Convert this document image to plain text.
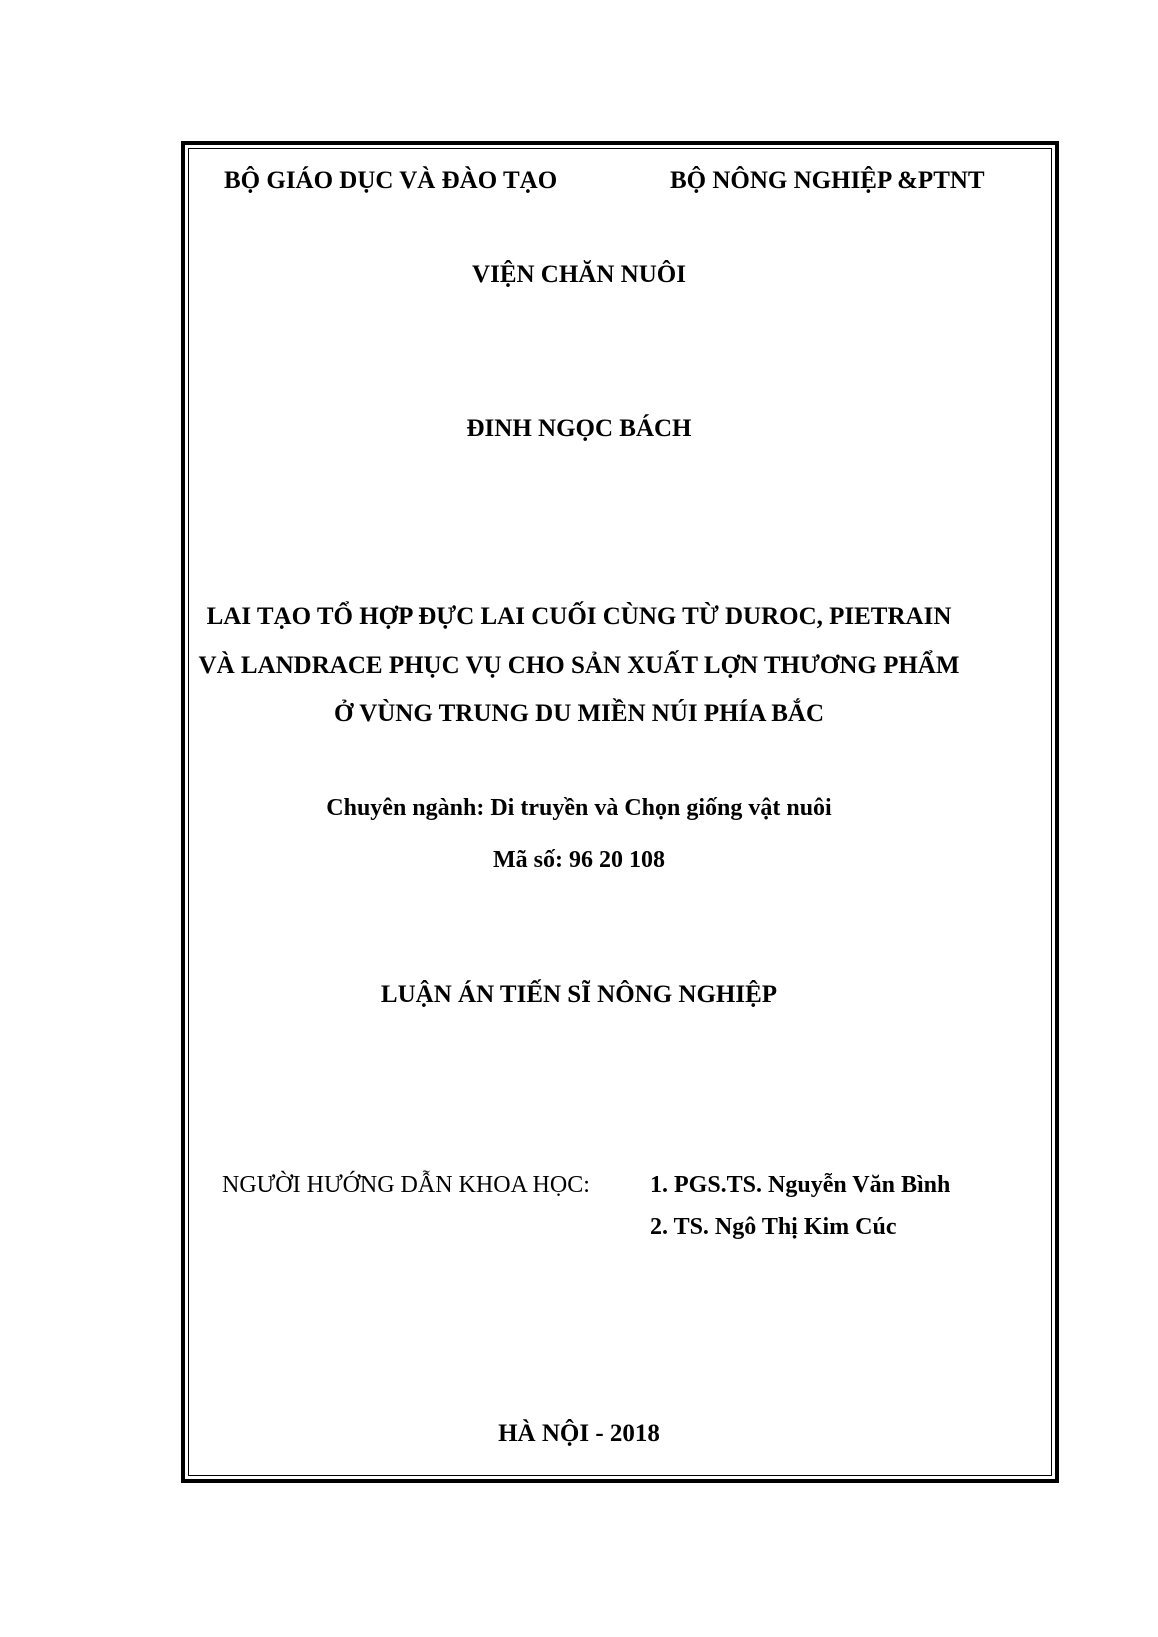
BỘ GIÁO DỤC VÀ ĐÀO TẠO	BỘ NÔNG NGHIỆP &PTNT
VIỆN CHĂN NUÔI
ĐINH NGỌC BÁCH
LAI TẠO TỔ HỢP ĐỰC LAI CUỐI CÙNG TỪ DUROC, PIETRAIN
VÀ LANDRACE PHỤC VỤ CHO SẢN XUẤT LỢN THƯƠNG PHẨM
Ở VÙNG TRUNG DU MIỀN NÚI PHÍA BẮC
Chuyên ngành: Di truyền và Chọn giống vật nuôi
Mã số: 96 20 108
LUẬN ÁN TIẾN SĨ NÔNG NGHIỆP
NGƯỜI HƯỚNG DẪN KHOA HỌC:	1. PGS.TS. Nguyễn Văn Bình
2. TS. Ngô Thị Kim Cúc
HÀ NỘI - 2018
